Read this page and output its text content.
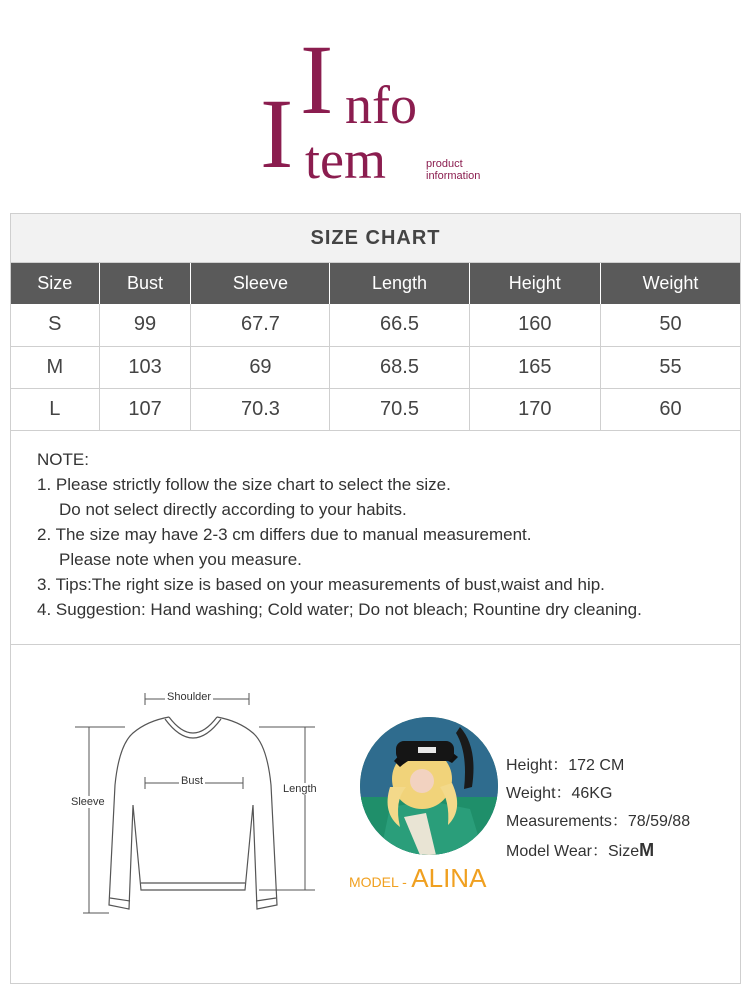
I nfo
I tem	product
information
SIZE CHART
Size	Bust	Sleeve	Length	Height	Weight
S	99	67.7	66.5	160	50
M	103	69	68.5	165	55
L	107	70.3	70.5	170	60
NOTE:
1. Please strictly follow the size chart to select the size.
Do not select directly according to your habits.
2. The size may have 2-3 cm differs due to manual measurement.
Please note when you measure.
3. Tips:The right size is based on your measurements of bust,waist and hip.
4. Suggestion: Hand washing; Cold water; Do not bleach; Rountine dry cleaning.
Shoulder
Bust
Sleeve
Length
MODEL - ALINA
Height：172 CM
Weight：46KG
Measurements：78/59/88
Model Wear：SizeM
